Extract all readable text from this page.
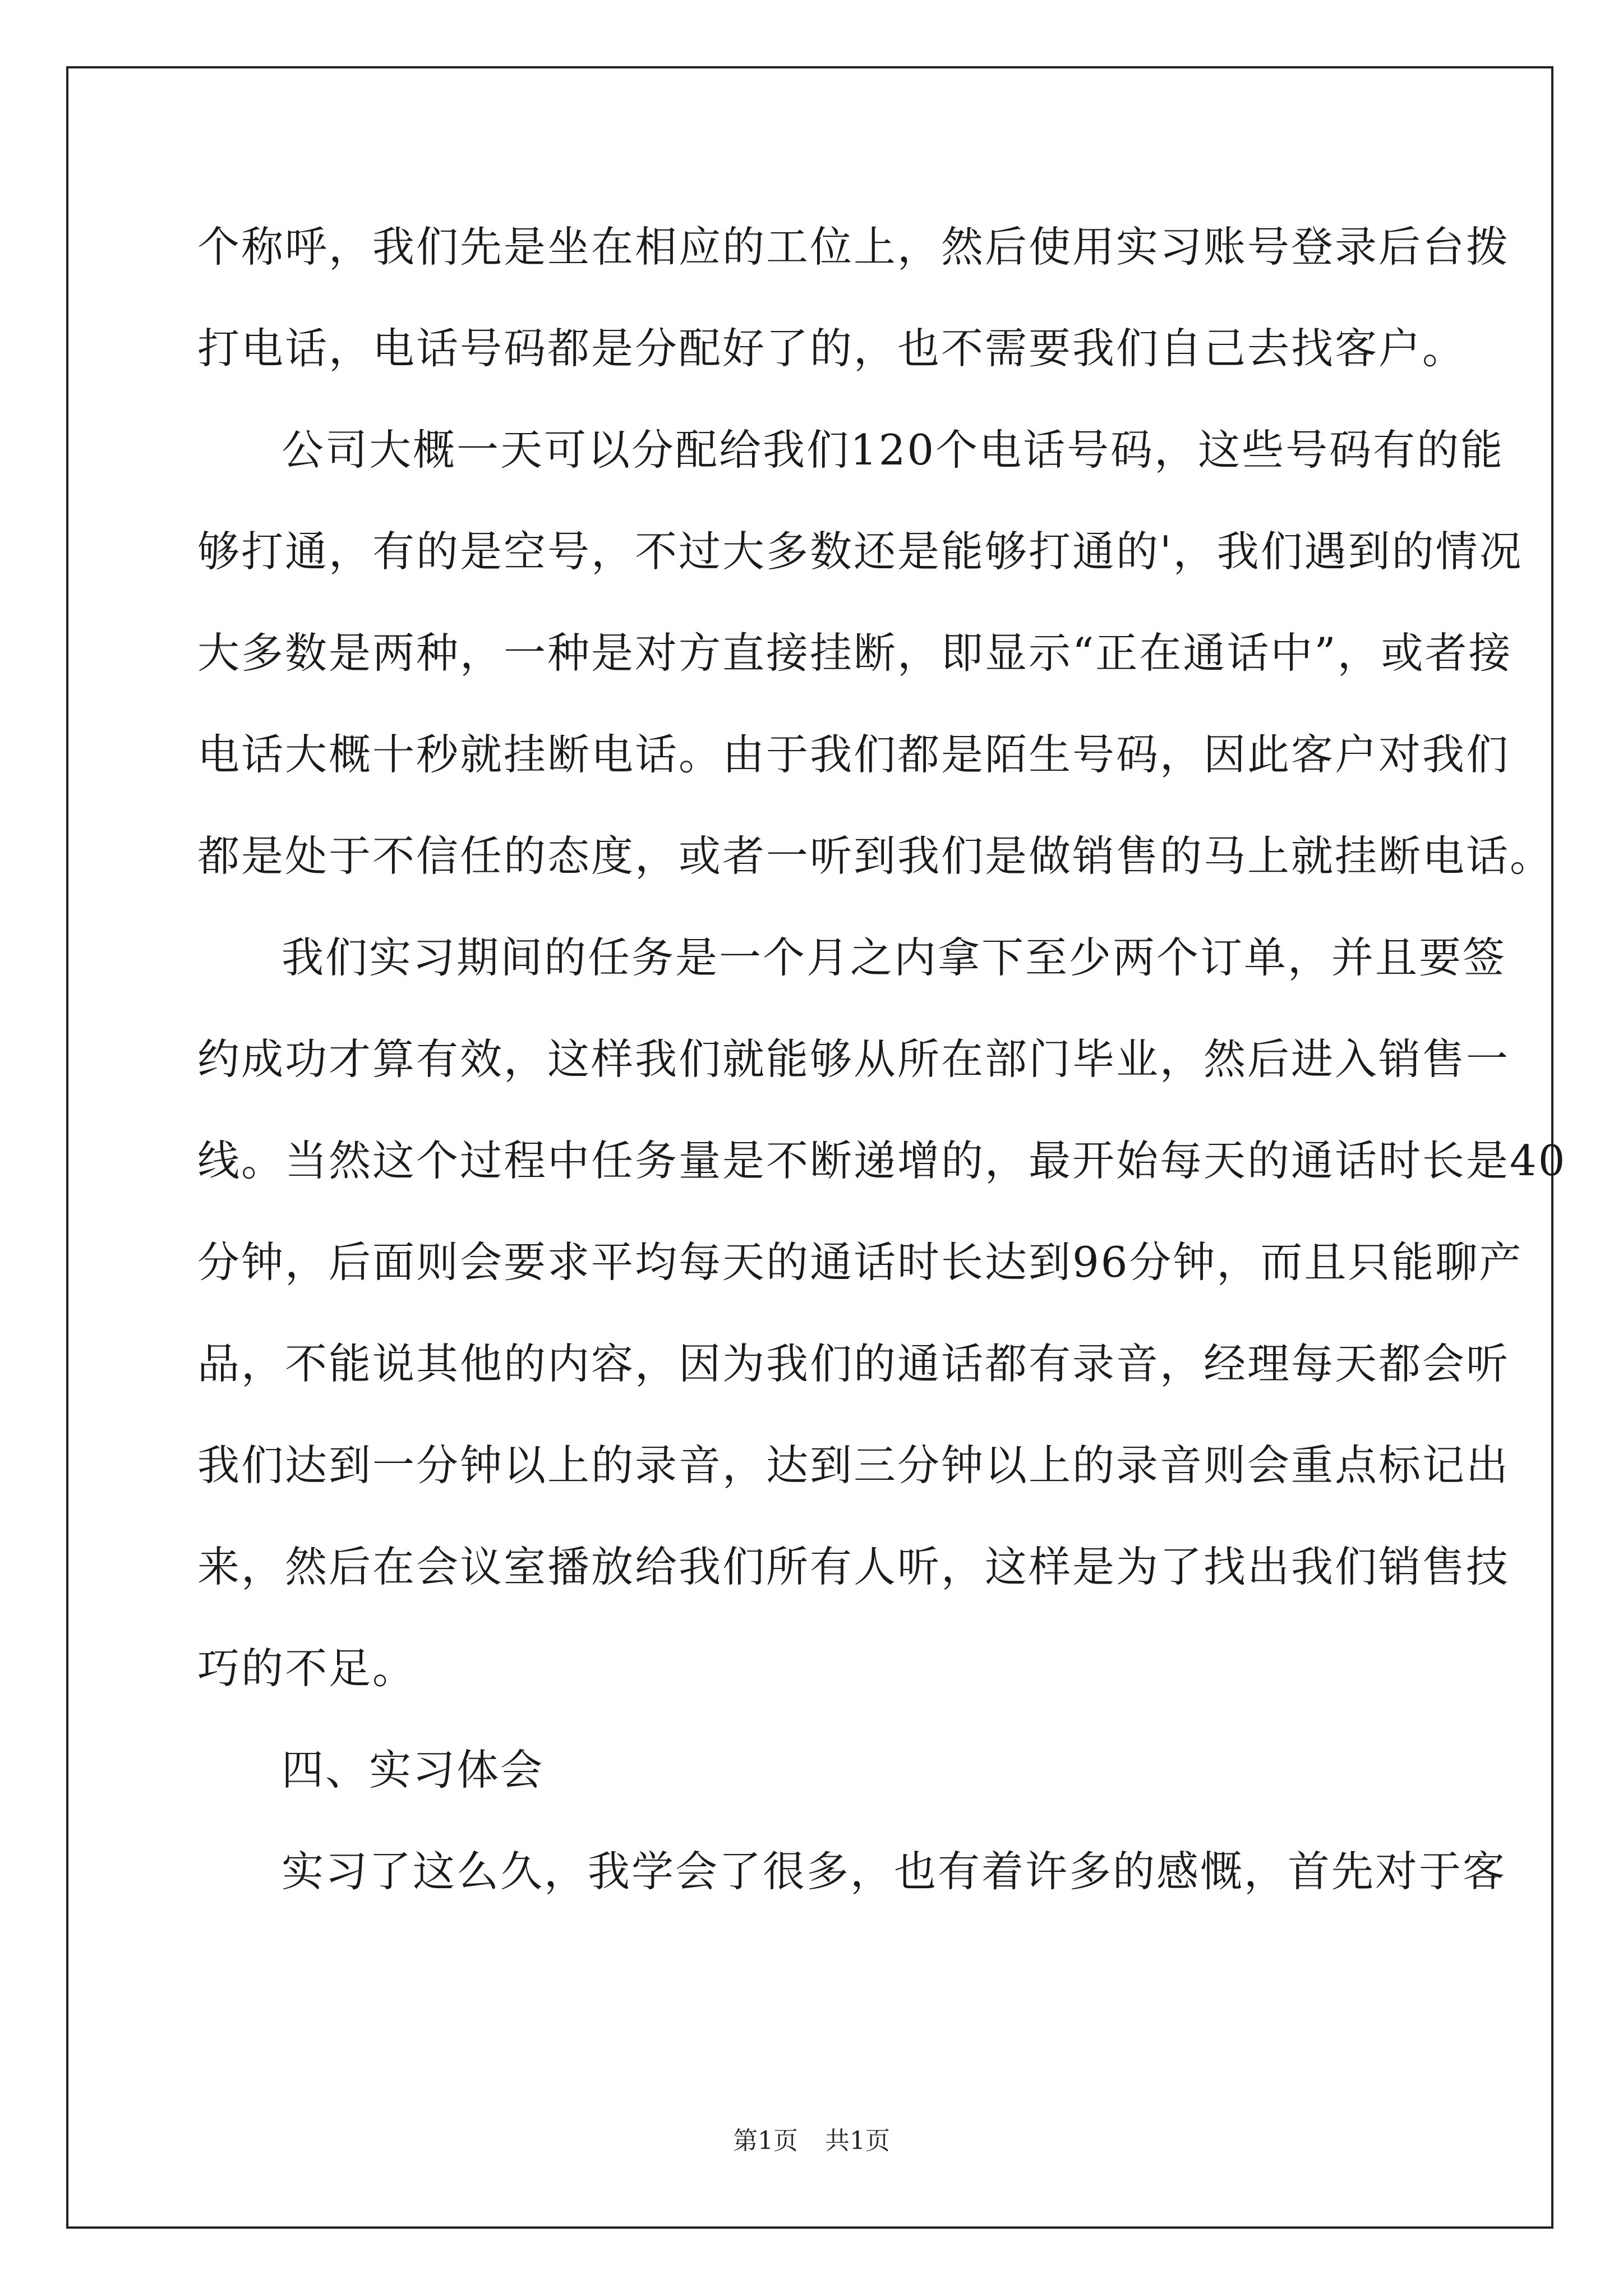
个称呼，我们先是坐在相应的工位上，然后使用实习账号登录后台拨
打电话，电话号码都是分配好了的，也不需要我们自己去找客户。
公司大概一天可以分配给我们120个电话号码，这些号码有的能
够打通，有的是空号，不过大多数还是能够打通的'，我们遇到的情况
大多数是两种，一种是对方直接挂断，即显示“正在通话中”，或者接
电话大概十秒就挂断电话。由于我们都是陌生号码，因此客户对我们
都是处于不信任的态度，或者一听到我们是做销售的马上就挂断电话。
我们实习期间的任务是一个月之内拿下至少两个订单，并且要签
约成功才算有效，这样我们就能够从所在部门毕业，然后进入销售一
线。当然这个过程中任务量是不断递增的，最开始每天的通话时长是40
分钟，后面则会要求平均每天的通话时长达到96分钟，而且只能聊产
品，不能说其他的内容，因为我们的通话都有录音，经理每天都会听
我们达到一分钟以上的录音，达到三分钟以上的录音则会重点标记出
来，然后在会议室播放给我们所有人听，这样是为了找出我们销售技
巧的不足。
四、实习体会
实习了这么久，我学会了很多，也有着许多的感慨，首先对于客

第1页 共1页
